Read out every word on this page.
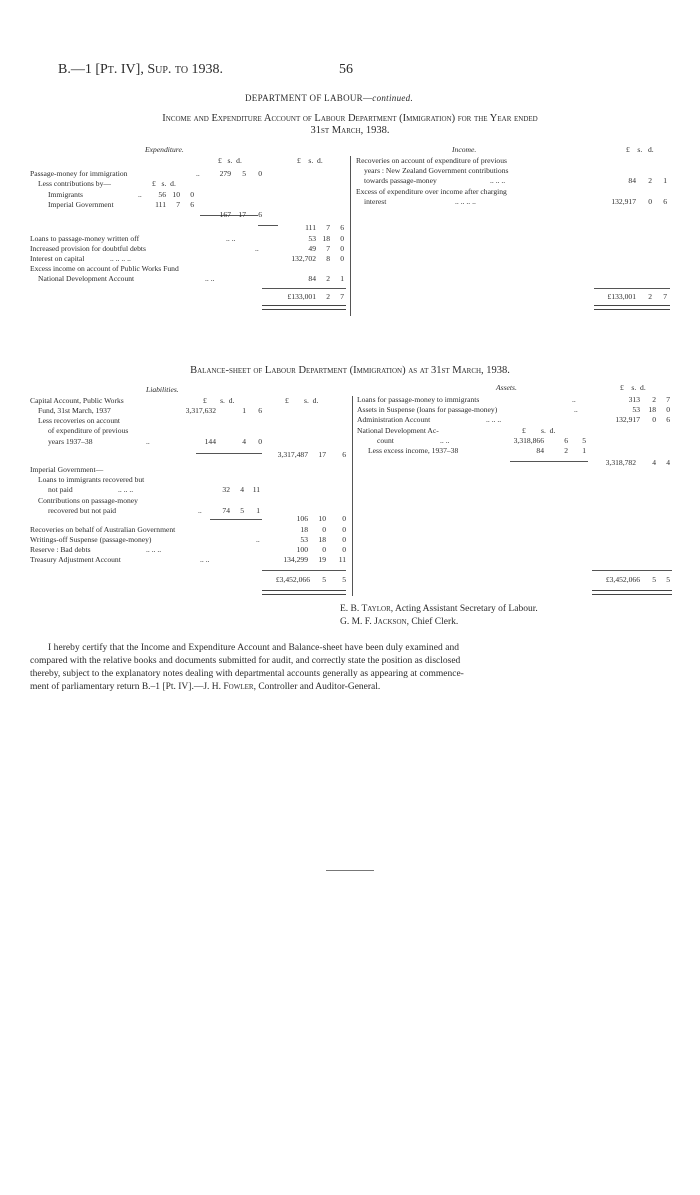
B.—1 [Pt. IV], Sup. to 1938.	56
DEPARTMENT OF LABOUR—continued.
Income and Expenditure Account of Labour Department (Immigration) for the Year ended
31st March, 1938.
Expenditure.	Income.
£ s. d.	£ s. d.
£ s. d.
Passage-money for immigration	..	279	5	0
Less contributions by—	£ s. d.
Immigrants	..	56 10	0
Imperial Government	111	7	6
167 17	6
111	7	6
Loans to passage-money written off	.. ..	53 18	0
Increased provision for doubtful debts	..	49	7	0
Interest on capital	.. .. .. ..	132,702	8	0
Excess income on account of Public Works Fund
National Development Account	.. ..	84	2	1
£133,001	2	7
Recoveries on account of expenditure of previous
years : New Zealand Government contributions
towards passage-money	.. .. ..	84	2	1
Excess of expenditure over income after charging
interest	.. .. .. ..	132,917	0	6
£133,001	2	7
Balance-sheet of Labour Department (Immigration) as at 31st March, 1938.
Liabilities.	Assets.	£ s. d.
£ s. d.	£ s. d.
Capital Account, Public Works
Fund, 31st March, 1937	3,317,632	1	6
Less recoveries on account
of expenditure of previous
years 1937–38	..	144	4	0
3,317,487	17	6
Imperial Government—
Loans to immigrants recovered but
not paid	.. .. ..	32	4	11
Contributions on passage-money
recovered but not paid	..	74	5	1
106	10	0
Recoveries on behalf of Australian Government	18	0	0
Writings-off Suspense (passage-money)	..	53	18	0
Reserve : Bad debts	.. .. ..	100	0	0
Treasury Adjustment Account	.. ..	134,299	19	11
£3,452,066	5	5
Loans for passage-money to immigrants	..	313	2	7
Assets in Suspense (loans for passage-money)	..	53	18	0
Administration Account	.. .. ..	132,917	0	6
National Development Ac-	£ s. d.
count	.. ..	3,318,866	6	5
Less excess income, 1937–38	84	2	1
3,318,782	4	4
£3,452,066	5	5
E. B. Taylor, Acting Assistant Secretary of Labour.
G. M. F. Jackson, Chief Clerk.
I hereby certify that the Income and Expenditure Account and Balance-sheet have been duly examined and
compared with the relative books and documents submitted for audit, and correctly state the position as disclosed
thereby, subject to the explanatory notes dealing with departmental accounts generally as appearing at commence-
ment of parliamentary return B.–1 [Pt. IV].—J. H. Fowler, Controller and Auditor-General.
